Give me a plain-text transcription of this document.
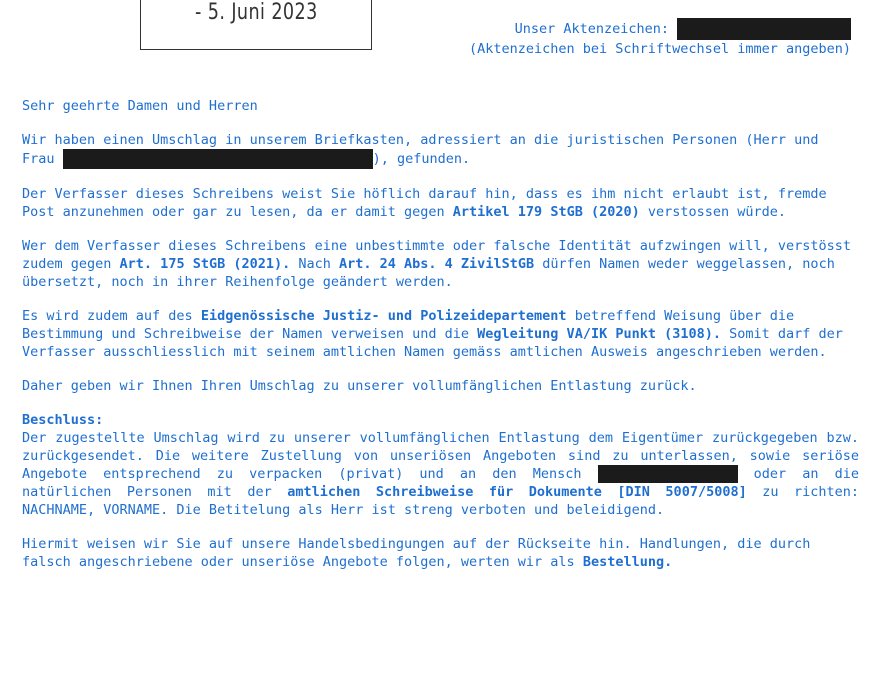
- 5. Juni 2023
Unser Aktenzeichen:
(Aktenzeichen bei Schriftwechsel immer angeben)

Sehr geehrte Damen und Herren

Wir haben einen Umschlag in unserem Briefkasten, adressiert an die juristischen Personen (Herr und Frau	), gefunden.

Der Verfasser dieses Schreibens weist Sie höflich darauf hin, dass es ihm nicht erlaubt ist, fremde Post anzunehmen oder gar zu lesen, da er damit gegen Artikel 179 StGB (2020) verstossen würde.

Wer dem Verfasser dieses Schreibens eine unbestimmte oder falsche Identität aufzwingen will, verstösst zudem gegen Art. 175 StGB (2021). Nach Art. 24 Abs. 4 ZivilStGB dürfen Namen weder weggelassen, noch übersetzt, noch in ihrer Reihenfolge geändert werden.

Es wird zudem auf des Eidgenössische Justiz- und Polizeidepartement betreffend Weisung über die Bestimmung und Schreibweise der Namen verweisen und die Wegleitung VA/IK Punkt (3108). Somit darf der Verfasser ausschliesslich mit seinem amtlichen Namen gemäss amtlichen Ausweis angeschrieben werden.

Daher geben wir Ihnen Ihren Umschlag zu unserer vollumfänglichen Entlastung zurück.

Beschluss:
Der zugestellte Umschlag wird zu unserer vollumfänglichen Entlastung dem Eigentümer zurückgegeben bzw. zurückgesendet. Die weitere Zustellung von unseriösen Angeboten sind zu unterlassen, sowie seriöse Angebote entsprechend zu verpacken (privat) und an den Mensch	oder an die natürlichen Personen mit der amtlichen Schreibweise für Dokumente [DIN 5007/5008] zu richten: NACHNAME, VORNAME. Die Betitelung als Herr ist streng verboten und beleidigend.

Hiermit weisen wir Sie auf unsere Handelsbedingungen auf der Rückseite hin. Handlungen, die durch falsch angeschriebene oder unseriöse Angebote folgen, werten wir als Bestellung.
